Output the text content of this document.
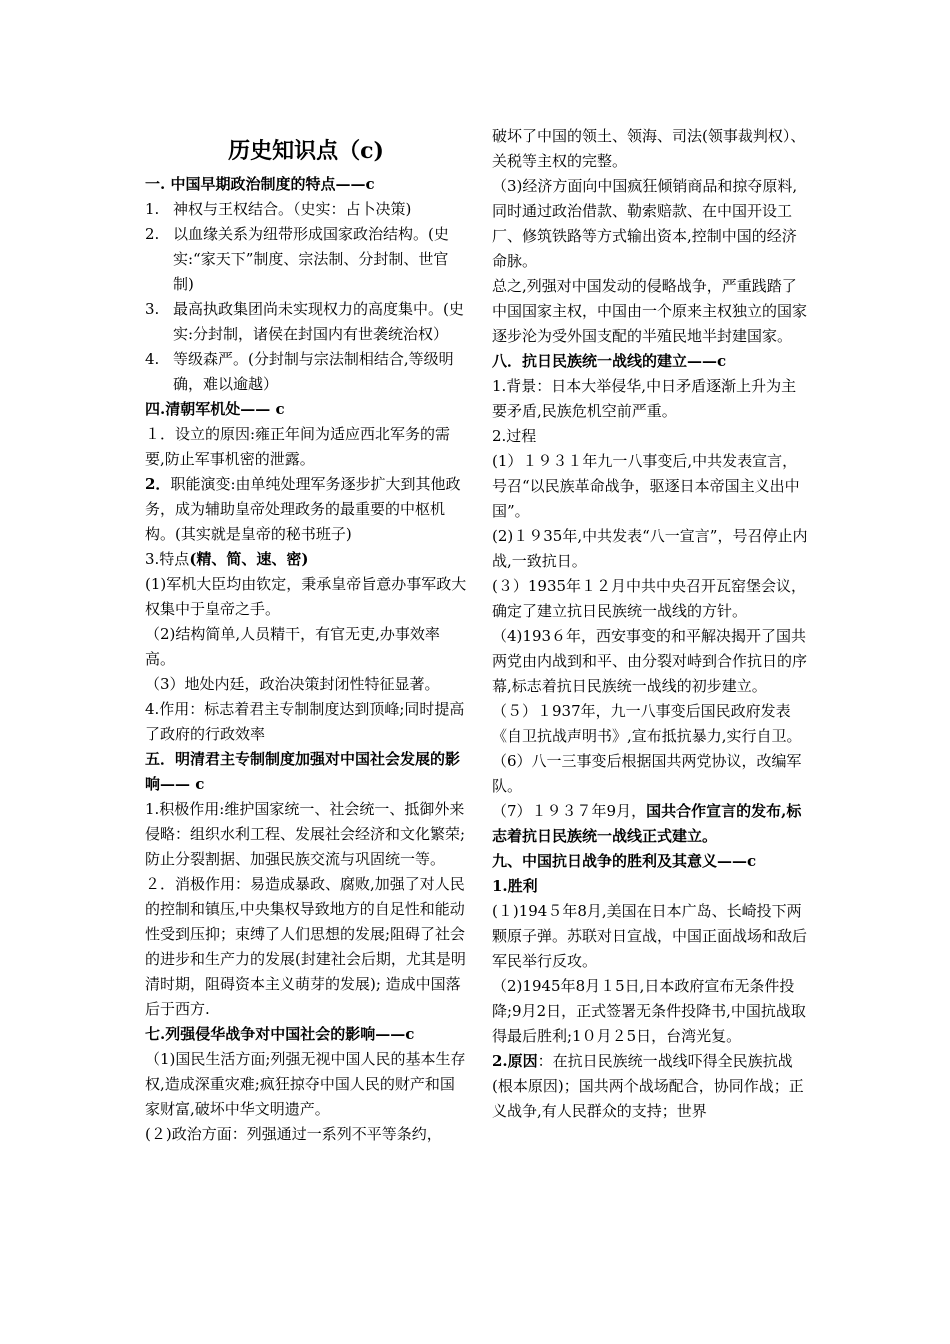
历史知识点（c)
一. 中国早期政治制度的特点——c
1. 神权与王权结合。（史实：占卜决策)
2. 以血缘关系为纽带形成国家政治结构。(史实:“家天下”制度、宗法制、分封制、世官制)
3. 最高执政集团尚未实现权力的高度集中。(史实:分封制，诸侯在封国内有世袭统治权）
4. 等级森严。(分封制与宗法制相结合,等级明确，难以逾越）
四.清朝军机处—— c

１．设立的原因:雍正年间为适应西北军务的需要,防止军事机密的泄露。

2．职能演变:由单纯处理军务逐步扩大到其他政务，成为辅助皇帝处理政务的最重要的中枢机构。(其实就是皇帝的秘书班子)

3.特点(精、简、速、密)

(1)军机大臣均由钦定，秉承皇帝旨意办事军政大权集中于皇帝之手。

（2)结构简单,人员精干，有官无吏,办事效率高。

（3）地处内廷，政治决策封闭性特征显著。

4.作用：标志着君主专制制度达到顶峰;同时提高了政府的行政效率

五．明清君主专制制度加强对中国社会发展的影响—— c

1.积极作用:维护国家统一、社会统一、抵御外来侵略：组织水利工程、发展社会经济和文化繁荣;防止分裂割据、加强民族交流与巩固统一等。

２．消极作用：易造成暴政、腐败,加强了对人民的控制和镇压,中央集权导致地方的自足性和能动性受到压抑；束缚了人们思想的发展;阻碍了社会的进步和生产力的发展(封建社会后期，尤其是明清时期，阻碍资本主义萌芽的发展); 造成中国落后于西方.

七.列强侵华战争对中国社会的影响——c

（1)国民生活方面;列强无视中国人民的基本生存权,造成深重灾难;疯狂掠夺中国人民的财产和国家财富,破坏中华文明遗产。

(２)政治方面：列强通过一系列不平等条约，

破坏了中国的领土、领海、司法(领事裁判权）、关税等主权的完整。

（3)经济方面向中国疯狂倾销商品和掠夺原料,同时通过政治借款、勒索赔款、在中国开设工厂、修筑铁路等方式输出资本,控制中国的经济命脉。

总之,列强对中国发动的侵略战争，严重践踏了中国国家主权，中国由一个原来主权独立的国家逐步沦为受外国支配的半殖民地半封建国家。

八．抗日民族统一战线的建立——c

1.背景：日本大举侵华,中日矛盾逐渐上升为主要矛盾,民族危机空前严重。

2.过程

(1）１９３１年九一八事变后,中共发表宣言，号召“以民族革命战争，驱逐日本帝国主义出中国”。

(2)１９35年,中共发表“八一宣言”，号召停止内战,一致抗日。

(３）1935年１２月中共中央召开瓦窑堡会议，确定了建立抗日民族统一战线的方针。

（4)193６年，西安事变的和平解决揭开了国共两党由内战到和平、由分裂对峙到合作抗日的序幕,标志着抗日民族统一战线的初步建立。

（５）１937年，九一八事变后国民政府发表《自卫抗战声明书》,宣布抵抗暴力,实行自卫。

（6）八一三事变后根据国共两党协议，改编军队。

（7）１９３７年9月，国共合作宣言的发布,标志着抗日民族统一战线正式建立。

九、中国抗日战争的胜利及其意义——c
1.胜利

(１)194５年8月,美国在日本广岛、长崎投下两颗原子弹。苏联对日宣战，中国正面战场和敌后军民举行反攻。

（2)1945年8月１5日,日本政府宣布无条件投降;9月2日，正式签署无条件投降书,中国抗战取得最后胜利;1０月２5日，台湾光复。

2.原因：在抗日民族统一战线吓得全民族抗战(根本原因)；国共两个战场配合，协同作战；正义战争,有人民群众的支持；世界
